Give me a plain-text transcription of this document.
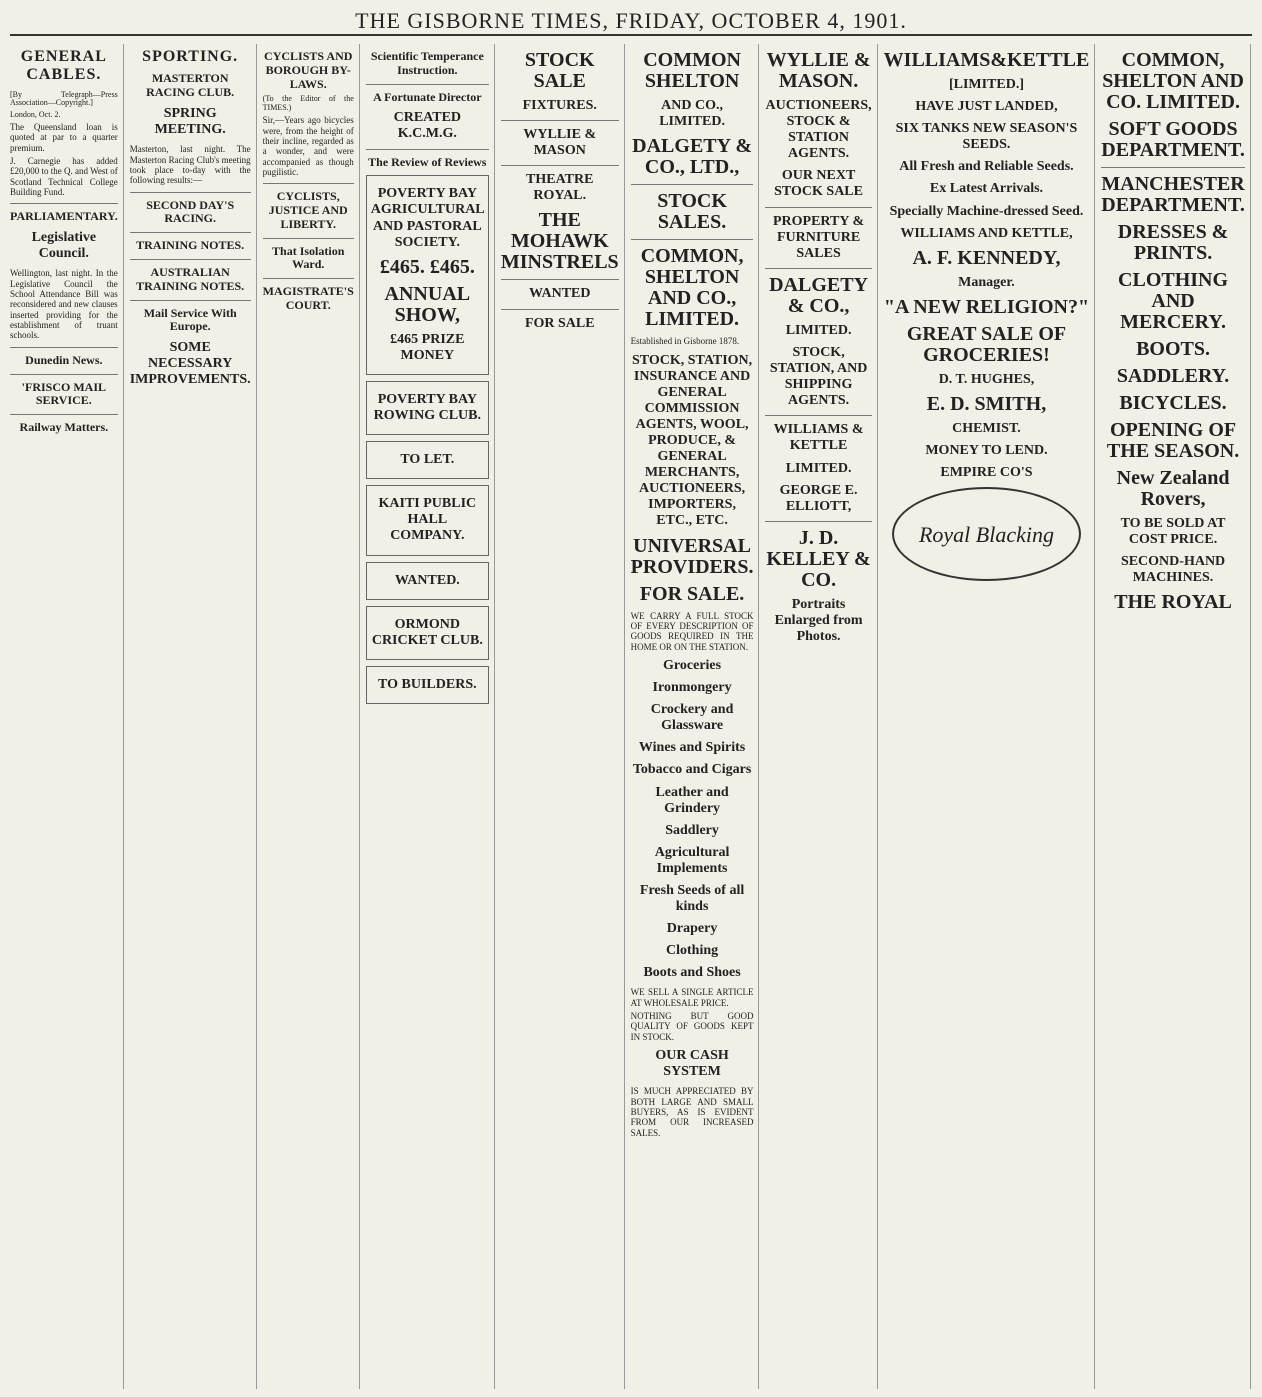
THE GISBORNE TIMES, FRIDAY, OCTOBER 4, 1901.
GENERAL CABLES.
[By Telegraph—Press Association—Copyright.]
London, Oct. 2.
The Queensland loan is quoted at par to a quarter premium.
J. Carnegie has added £20,000 to the Q. and West of Scotland Technical College Building Fund.
PARLIAMENTARY.
Legislative Council.
Wellington, last night. In the Legislative Council the School Attendance Bill was reconsidered and new clauses inserted providing for the establishment of truant schools.
Dunedin News.
'FRISCO MAIL SERVICE.
Railway Matters.
SPORTING.
MASTERTON RACING CLUB.
SPRING MEETING.
Masterton, last night. The Masterton Racing Club's meeting took place to-day with the following results:—
SECOND DAY'S RACING.
TRAINING NOTES.
AUSTRALIAN TRAINING NOTES.
Mail Service With Europe.
SOME NECESSARY IMPROVEMENTS.
CYCLISTS AND BOROUGH BY-LAWS.
(To the Editor of the TIMES.)
Sir,—Years ago bicycles were, from the height of their incline, regarded as a wonder, and were accompanied as though pugilistic.
CYCLISTS, JUSTICE AND LIBERTY.
That Isolation Ward.
MAGISTRATE'S COURT.
Scientific Temperance Instruction.
A Fortunate Director
CREATED K.C.M.G.
The Review of Reviews
POVERTY BAY AGRICULTURAL AND PASTORAL SOCIETY.
£465. £465.
ANNUAL SHOW,
£465 PRIZE MONEY
POVERTY BAY ROWING CLUB.
TO LET.
KAITI PUBLIC HALL COMPANY.
WANTED.
ORMOND CRICKET CLUB.
TO BUILDERS.
STOCK SALE
FIXTURES.
WYLLIE & MASON
THEATRE ROYAL.
THE MOHAWK MINSTRELS
WANTED
FOR SALE
COMMON SHELTON
AND CO., LIMITED.
DALGETY & CO., LTD.,
STOCK SALES.
COMMON, SHELTON AND CO., LIMITED.
Established in Gisborne 1878.
STOCK, STATION, INSURANCE AND GENERAL COMMISSION AGENTS, WOOL, PRODUCE, & GENERAL MERCHANTS, AUCTIONEERS, IMPORTERS, ETC., ETC.
UNIVERSAL PROVIDERS.
FOR SALE.
WE CARRY A FULL STOCK OF EVERY DESCRIPTION OF GOODS REQUIRED IN THE HOME OR ON THE STATION.
Groceries
Ironmongery
Crockery and Glassware
Wines and Spirits
Tobacco and Cigars
Leather and Grindery
Saddlery
Agricultural Implements
Fresh Seeds of all kinds
Drapery
Clothing
Boots and Shoes
WE SELL A SINGLE ARTICLE AT WHOLESALE PRICE.
NOTHING BUT GOOD QUALITY OF GOODS KEPT IN STOCK.
OUR CASH SYSTEM
IS MUCH APPRECIATED BY BOTH LARGE AND SMALL BUYERS, AS IS EVIDENT FROM OUR INCREASED SALES.
WYLLIE & MASON.
AUCTIONEERS, STOCK & STATION AGENTS.
OUR NEXT STOCK SALE
PROPERTY & FURNITURE SALES
DALGETY & CO.,
LIMITED.
STOCK, STATION, AND SHIPPING AGENTS.
WILLIAMS & KETTLE
LIMITED.
GEORGE E. ELLIOTT,
J. D. KELLEY & CO.
Portraits Enlarged from Photos.
WILLIAMS&KETTLE
[LIMITED.]
HAVE JUST LANDED,
SIX TANKS NEW SEASON'S SEEDS.
All Fresh and Reliable Seeds.
Ex Latest Arrivals.
Specially Machine-dressed Seed.
WILLIAMS AND KETTLE,
A. F. KENNEDY,
Manager.
"A NEW RELIGION?"
GREAT SALE OF GROCERIES!
D. T. HUGHES,
E. D. SMITH,
CHEMIST.
MONEY TO LEND.
EMPIRE CO'S
Royal Blacking
COMMON, SHELTON AND CO. LIMITED.
SOFT GOODS DEPARTMENT.
MANCHESTER DEPARTMENT.
DRESSES & PRINTS.
CLOTHING AND MERCERY.
BOOTS.
SADDLERY.
BICYCLES.
OPENING OF THE SEASON.
New Zealand Rovers,
TO BE SOLD AT COST PRICE.
SECOND-HAND MACHINES.
THE ROYAL
